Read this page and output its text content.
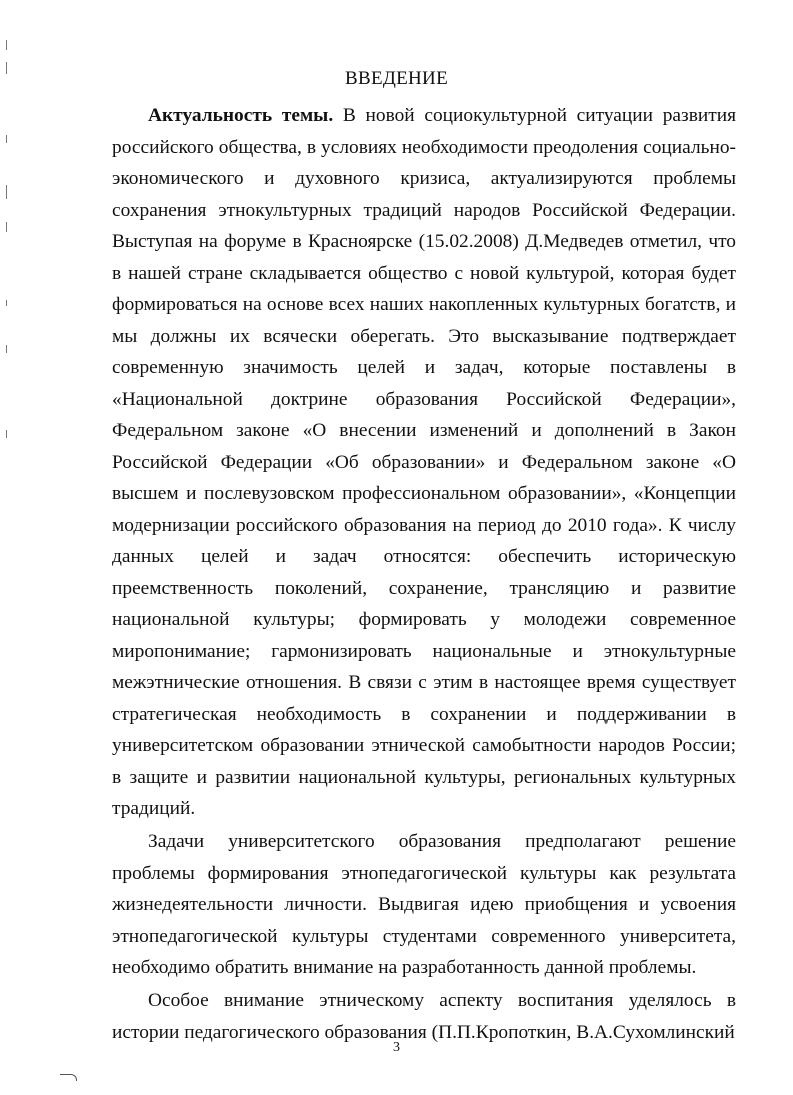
ВВЕДЕНИЕ

Актуальность темы. В новой социокультурной ситуации развития российского общества, в условиях необходимости преодоления социально-экономического и духовного кризиса, актуализируются проблемы сохранения этнокультурных традиций народов Российской Федерации. Выступая на форуме в Красноярске (15.02.2008) Д.Медведев отметил, что в нашей стране складывается общество с новой культурой, которая будет формироваться на основе всех наших накопленных культурных богатств, и мы должны их всячески оберегать. Это высказывание подтверждает современную значимость целей и задач, которые поставлены в «Национальной доктрине образования Российской Федерации», Федеральном законе «О внесении изменений и дополнений в Закон Российской Федерации «Об образовании» и Федеральном законе «О высшем и послевузовском профессиональном образовании», «Концепции модернизации российского образования на период до 2010 года». К числу данных целей и задач относятся: обеспечить историческую преемственность поколений, сохранение, трансляцию и развитие национальной культуры; формировать у молодежи современное миропонимание; гармонизировать национальные и этнокультурные межэтнические отношения. В связи с этим в настоящее время существует стратегическая необходимость в сохранении и поддерживании в университетском образовании этнической самобытности народов России; в защите и развитии национальной культуры, региональных культурных традиций.

Задачи университетского образования предполагают решение проблемы формирования этнопедагогической культуры как результата жизнедеятельности личности. Выдвигая идею приобщения и усвоения этнопедагогической культуры студентами современного университета, необходимо обратить внимание на разработанность данной проблемы.

Особое внимание этническому аспекту воспитания уделялось в истории педагогического образования (П.П.Кропоткин, В.А.Сухомлинский

3
